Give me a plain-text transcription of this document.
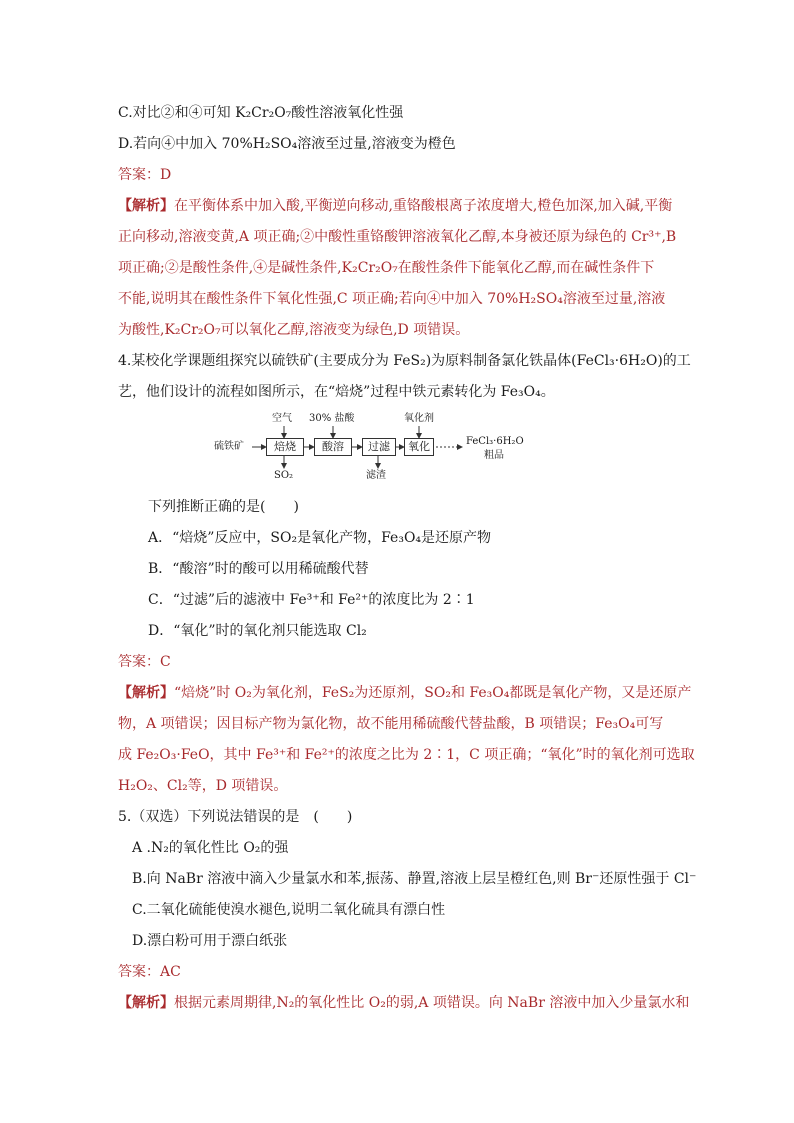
C.对比②和④可知 K₂Cr₂O₇酸性溶液氧化性强
D.若向④中加入 70%H₂SO₄溶液至过量,溶液变为橙色
答案：D
【解析】在平衡体系中加入酸,平衡逆向移动,重铬酸根离子浓度增大,橙色加深,加入碱,平衡
正向移动,溶液变黄,A 项正确;②中酸性重铬酸钾溶液氧化乙醇,本身被还原为绿色的 Cr³⁺,B
项正确;②是酸性条件,④是碱性条件,K₂Cr₂O₇在酸性条件下能氧化乙醇,而在碱性条件下
不能,说明其在酸性条件下氧化性强,C 项正确;若向④中加入 70%H₂SO₄溶液至过量,溶液
为酸性,K₂Cr₂O₇可以氧化乙醇,溶液变为绿色,D 项错误。
4.某校化学课题组探究以硫铁矿(主要成分为 FeS₂)为原料制备氯化铁晶体(FeCl₃·6H₂O)的工
艺，他们设计的流程如图所示，在“焙烧”过程中铁元素转化为 Fe₃O₄。
硫铁矿	焙烧	酸溶	过滤	氧化
空气 30% 盐酸	氧化剂
SO₂	滤渣
FeCl₃·6H₂O
粗品
下列推断正确的是(　　)
A．“焙烧”反应中，SO₂是氧化产物，Fe₃O₄是还原产物
B．“酸溶”时的酸可以用稀硫酸代替
C．“过滤”后的滤液中 Fe³⁺和 Fe²⁺的浓度比为 2∶1
D．“氧化”时的氧化剂只能选取 Cl₂
答案：C
【解析】“焙烧”时 O₂为氧化剂，FeS₂为还原剂，SO₂和 Fe₃O₄都既是氧化产物，又是还原产
物，A 项错误；因目标产物为氯化物，故不能用稀硫酸代替盐酸，B 项错误；Fe₃O₄可写
成 Fe₂O₃·FeO，其中 Fe³⁺和 Fe²⁺的浓度之比为 2∶1，C 项正确；“氧化”时的氧化剂可选取
H₂O₂、Cl₂等，D 项错误。
5.（双选）下列说法错误的是　(　　)
A .N₂的氧化性比 O₂的强
B.向 NaBr 溶液中滴入少量氯水和苯,振荡、静置,溶液上层呈橙红色,则 Br⁻还原性强于 Cl⁻
C.二氧化硫能使溴水褪色,说明二氧化硫具有漂白性
D.漂白粉可用于漂白纸张
答案：AC
【解析】根据元素周期律,N₂的氧化性比 O₂的弱,A 项错误。向 NaBr 溶液中加入少量氯水和
